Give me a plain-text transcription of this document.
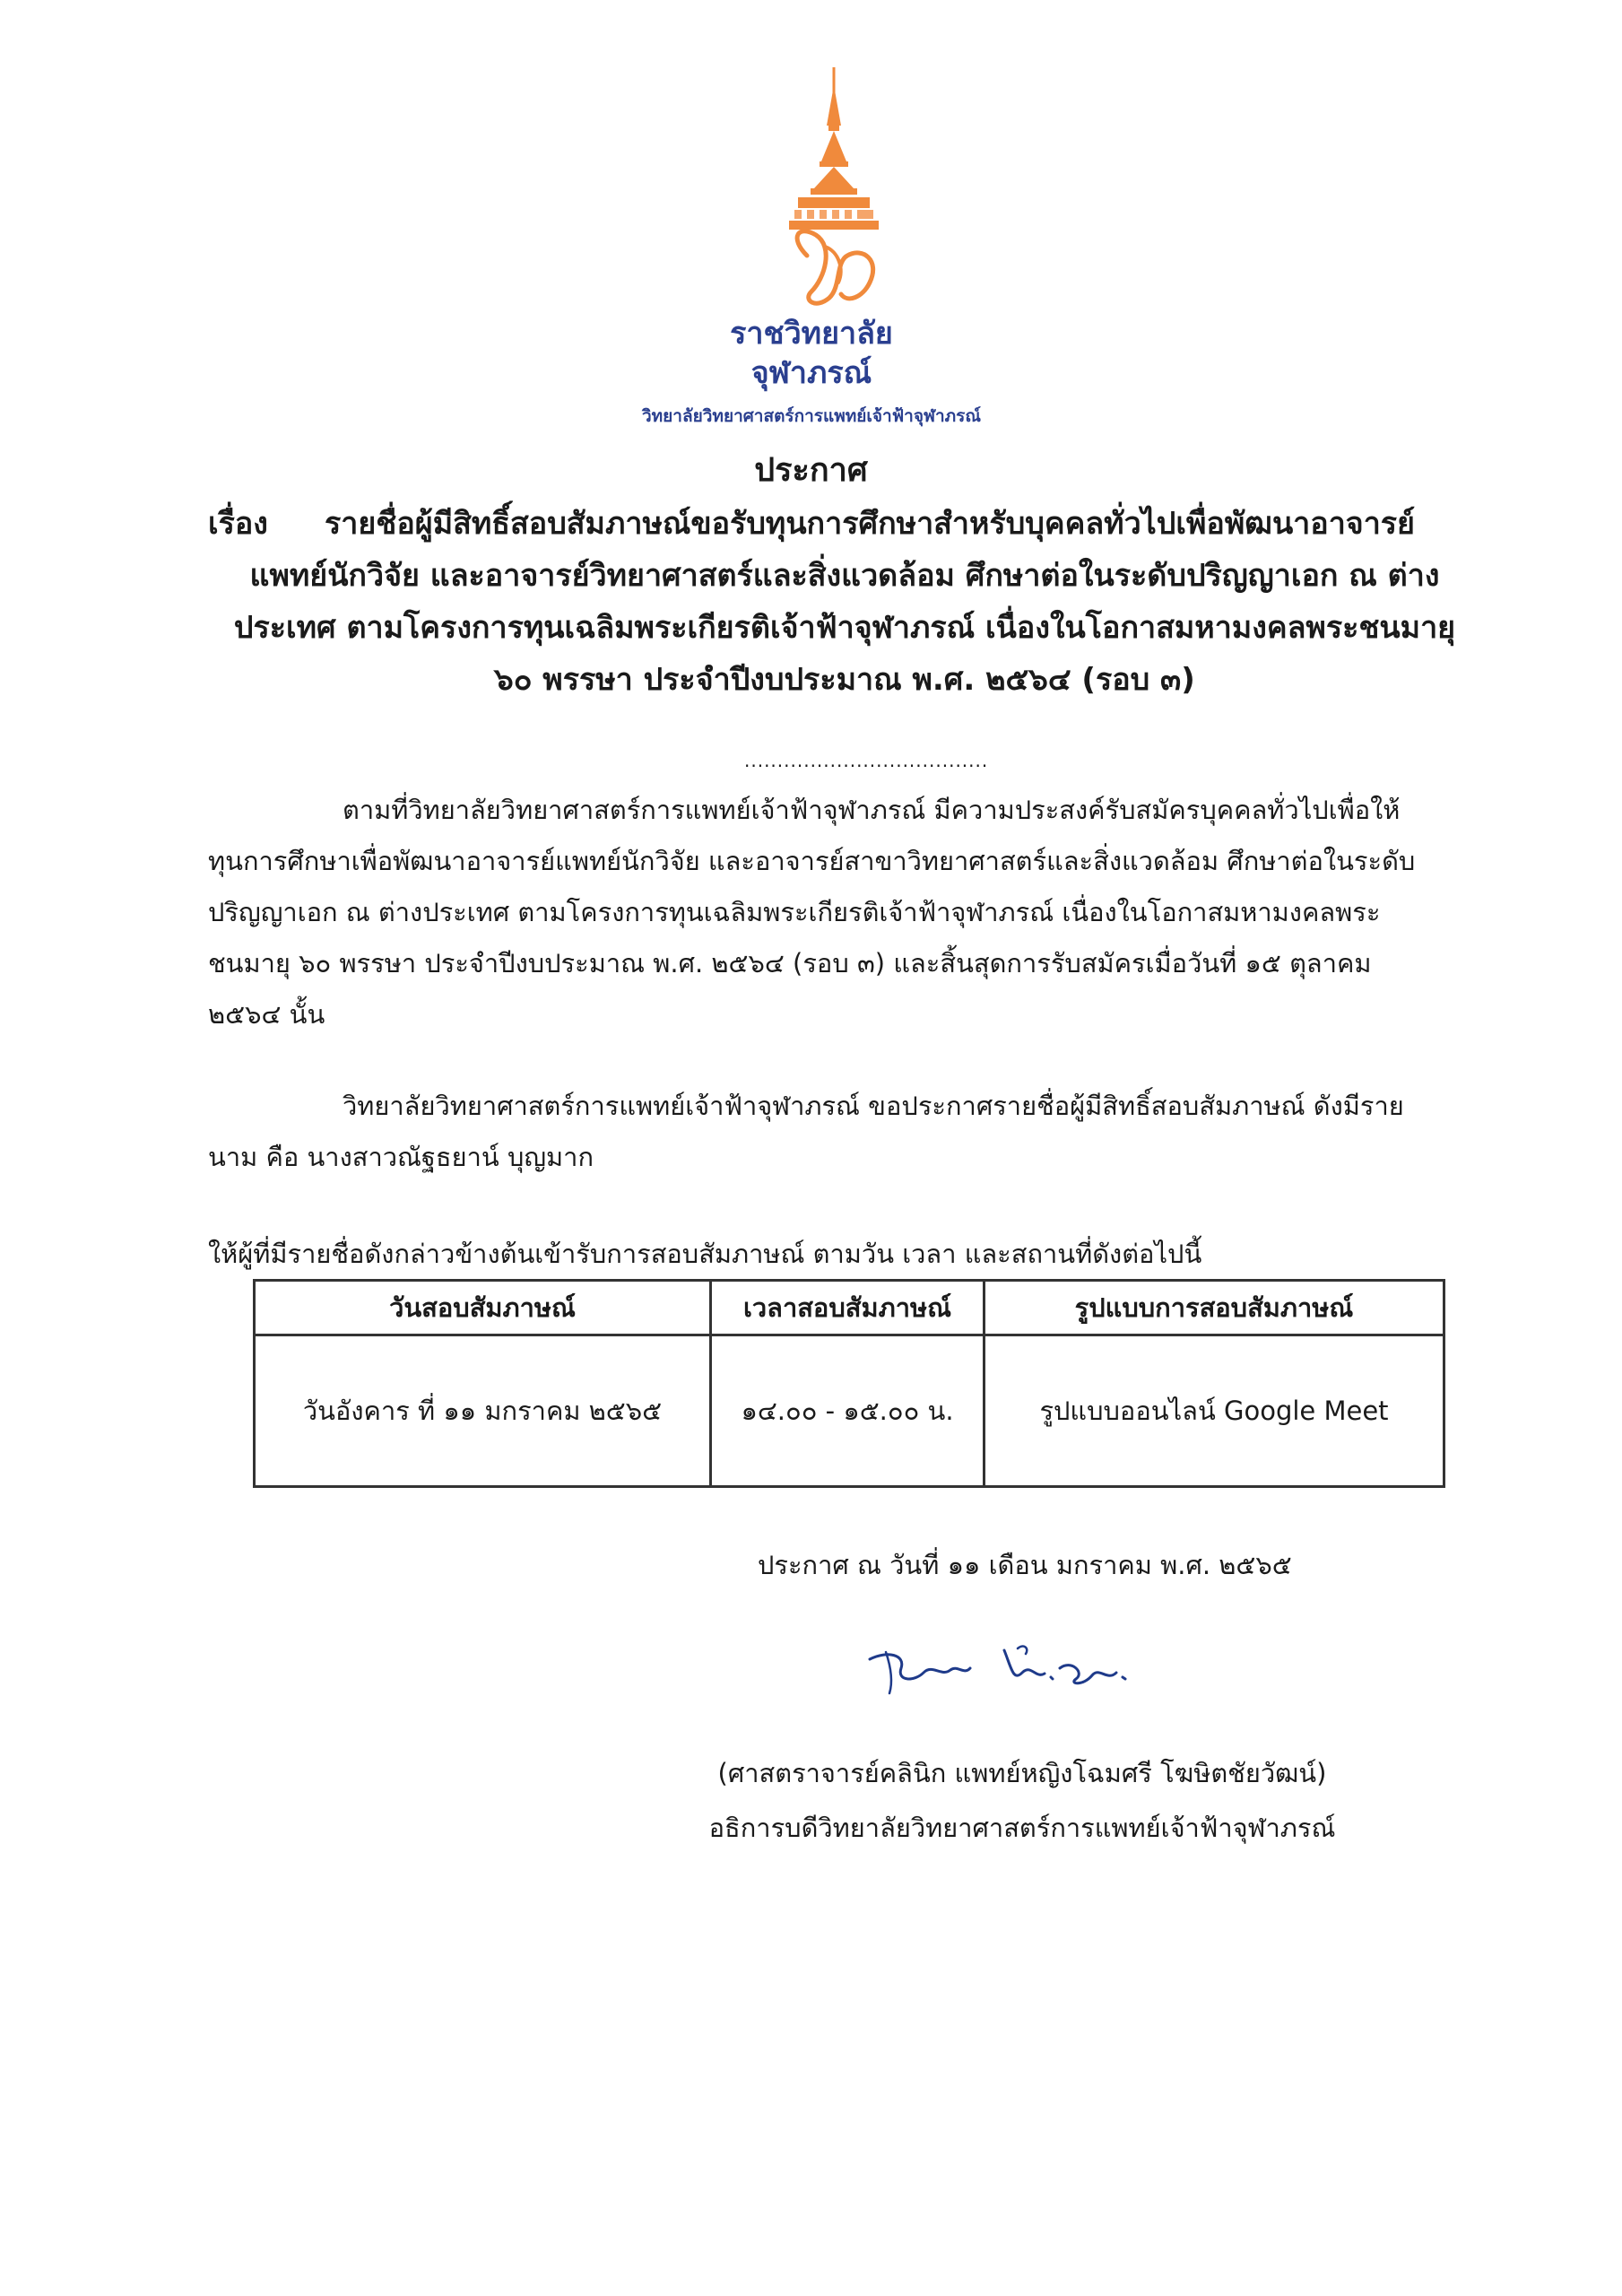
ราชวิทยาลัย
จุฬาภรณ์
วิทยาลัยวิทยาศาสตร์การแพทย์เจ้าฟ้าจุฬาภรณ์
ประกาศ
เรื่อง รายชื่อผู้มีสิทธิ์สอบสัมภาษณ์ขอรับทุนการศึกษาสำหรับบุคคลทั่วไปเพื่อพัฒนาอาจารย์
แพทย์นักวิจัย และอาจารย์วิทยาศาสตร์และสิ่งแวดล้อม ศึกษาต่อในระดับปริญญาเอก ณ ต่าง
ประเทศ ตามโครงการทุนเฉลิมพระเกียรติเจ้าฟ้าจุฬาภรณ์ เนื่องในโอกาสมหามงคลพระชนมายุ
๖๐ พรรษา ประจำปีงบประมาณ พ.ศ. ๒๕๖๔ (รอบ ๓)
.....................................
ตามที่วิทยาลัยวิทยาศาสตร์การแพทย์เจ้าฟ้าจุฬาภรณ์ มีความประสงค์รับสมัครบุคคลทั่วไปเพื่อให้
ทุนการศึกษาเพื่อพัฒนาอาจารย์แพทย์นักวิจัย และอาจารย์สาขาวิทยาศาสตร์และสิ่งแวดล้อม ศึกษาต่อในระดับ
ปริญญาเอก ณ ต่างประเทศ ตามโครงการทุนเฉลิมพระเกียรติเจ้าฟ้าจุฬาภรณ์ เนื่องในโอกาสมหามงคลพระ
ชนมายุ ๖๐ พรรษา ประจำปีงบประมาณ พ.ศ. ๒๕๖๔ (รอบ ๓) และสิ้นสุดการรับสมัครเมื่อวันที่ ๑๕ ตุลาคม
๒๕๖๔ นั้น
วิทยาลัยวิทยาศาสตร์การแพทย์เจ้าฟ้าจุฬาภรณ์ ขอประกาศรายชื่อผู้มีสิทธิ์สอบสัมภาษณ์ ดังมีราย
นาม คือ นางสาวณัฐธยาน์ บุญมาก
ให้ผู้ที่มีรายชื่อดังกล่าวข้างต้นเข้ารับการสอบสัมภาษณ์ ตามวัน เวลา และสถานที่ดังต่อไปนี้
วันสอบสัมภาษณ์	เวลาสอบสัมภาษณ์	รูปแบบการสอบสัมภาษณ์
วันอังคาร ที่ ๑๑ มกราคม ๒๕๖๕	๑๔.๐๐ - ๑๕.๐๐ น.	รูปแบบออนไลน์ Google Meet
ประกาศ ณ วันที่ ๑๑ เดือน มกราคม พ.ศ. ๒๕๖๕
(ศาสตราจารย์คลินิก แพทย์หญิงโฉมศรี โฆษิตชัยวัฒน์)
อธิการบดีวิทยาลัยวิทยาศาสตร์การแพทย์เจ้าฟ้าจุฬาภรณ์
